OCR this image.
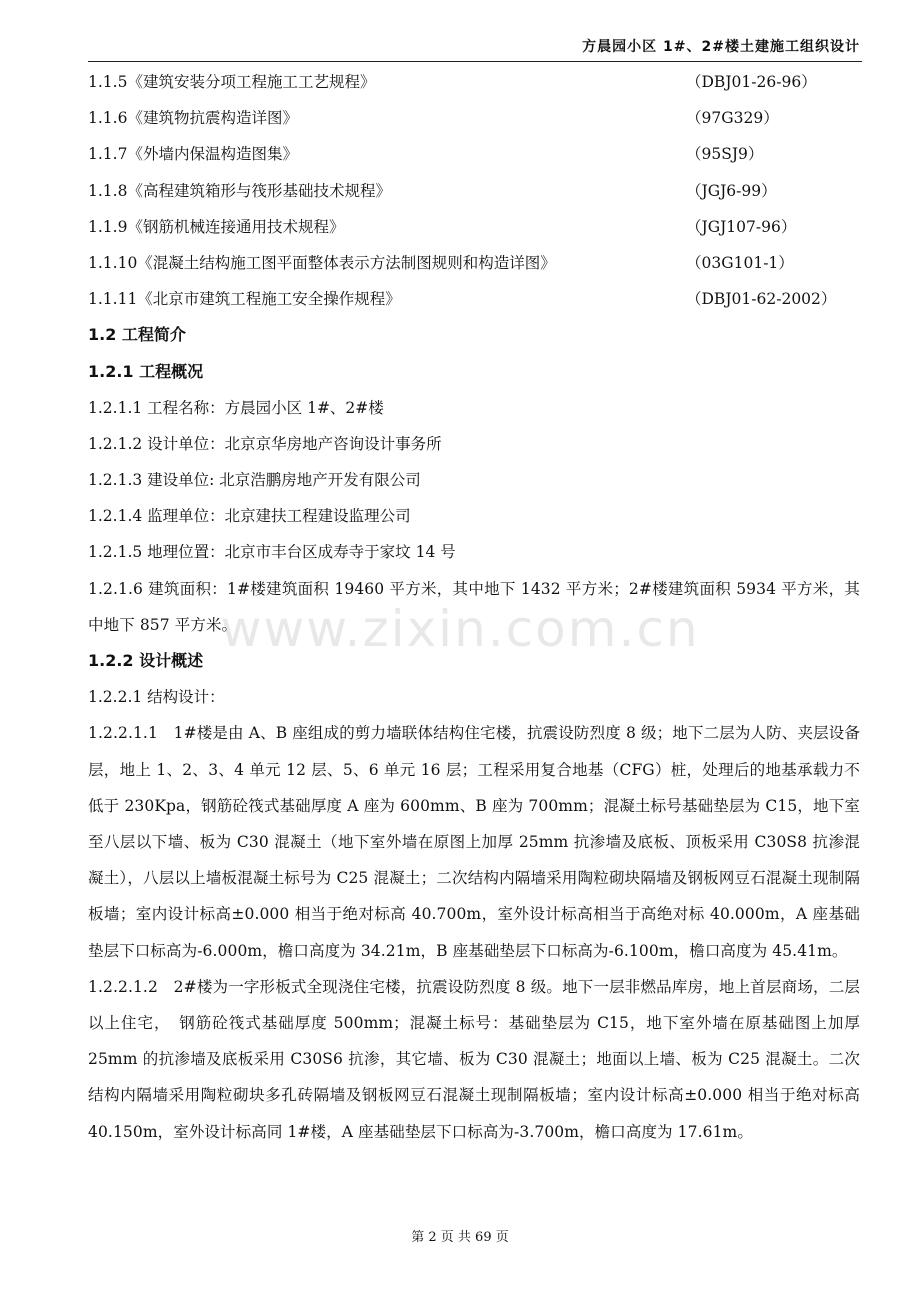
方晨园小区 1#、2#楼土建施工组织设计
1.1.5《建筑安装分项工程施工工艺规程》	（DBJ01-26-96）
1.1.6《建筑物抗震构造详图》	（97G329）
1.1.7《外墙内保温构造图集》	（95SJ9）
1.1.8《高程建筑箱形与筏形基础技术规程》	（JGJ6-99）
1.1.9《钢筋机械连接通用技术规程》	（JGJ107-96）
1.1.10《混凝土结构施工图平面整体表示方法制图规则和构造详图》	（03G101-1）
1.1.11《北京市建筑工程施工安全操作规程》	（DBJ01-62-2002）
1.2 工程简介
1.2.1 工程概况
1.2.1.1 工程名称：方晨园小区 1#、2#楼
1.2.1.2 设计单位：北京京华房地产咨询设计事务所
1.2.1.3 建设单位: 北京浩鹏房地产开发有限公司
1.2.1.4 监理单位：北京建扶工程建设监理公司
1.2.1.5 地理位置：北京市丰台区成寿寺于家坟 14 号

1.2.1.6 建筑面积：1#楼建筑面积 19460 平方米，其中地下 1432 平方米；2#楼建筑面积 5934 平方米，其中地下 857 平方米。

1.2.2 设计概述
1.2.2.1 结构设计：

1.2.2.1.1　1#楼是由 A、B 座组成的剪力墙联体结构住宅楼，抗震设防烈度 8 级；地下二层为人防、夹层设备层，地上 1、2、3、4 单元 12 层、5、6 单元 16 层；工程采用复合地基（CFG）桩，处理后的地基承载力不低于 230Kpa，钢筋砼筏式基础厚度 A 座为 600mm、B 座为 700mm；混凝土标号基础垫层为 C15，地下室至八层以下墙、板为 C30 混凝土（地下室外墙在原图上加厚 25mm 抗渗墙及底板、顶板采用 C30S8 抗渗混凝土），八层以上墙板混凝土标号为 C25 混凝土；二次结构内隔墙采用陶粒砌块隔墙及钢板网豆石混凝土现制隔板墙；室内设计标高±0.000 相当于绝对标高 40.700m，室外设计标高相当于高绝对标 40.000m，A 座基础垫层下口标高为-6.000m，檐口高度为 34.21m，B 座基础垫层下口标高为-6.100m，檐口高度为 45.41m。

1.2.2.1.2　2#楼为一字形板式全现浇住宅楼，抗震设防烈度 8 级。地下一层非燃品库房，地上首层商场，二层以上住宅，　钢筋砼筏式基础厚度 500mm；混凝土标号：基础垫层为 C15，地下室外墙在原基础图上加厚 25mm 的抗渗墙及底板采用 C30S6 抗渗，其它墙、板为 C30 混凝土；地面以上墙、板为 C25 混凝土。二次结构内隔墙采用陶粒砌块多孔砖隔墙及钢板网豆石混凝土现制隔板墙；室内设计标高±0.000 相当于绝对标高 40.150m，室外设计标高同 1#楼，A 座基础垫层下口标高为-3.700m，檐口高度为 17.61m。

www.zixin.com.cn
第 2 页 共 69 页
